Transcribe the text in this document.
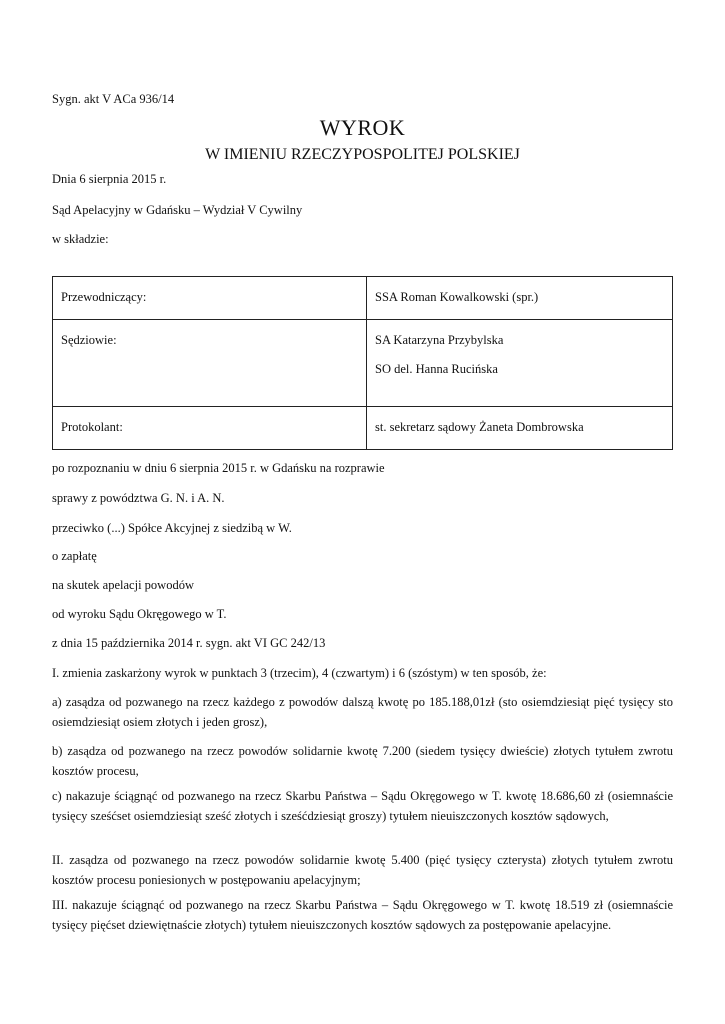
Sygn. akt V ACa 936/14

WYROK

W IMIENIU RZECZYPOSPOLITEJ POLSKIEJ

Dnia 6 sierpnia 2015 r.

Sąd Apelacyjny w Gdańsku – Wydział V Cywilny

w składzie:

Przewodniczący:	SSA Roman Kowalkowski (spr.)

Sędziowie:	SA Katarzyna Przybylska
SO del. Hanna Rucińska

Protokolant:	st. sekretarz sądowy Żaneta Dombrowska

po rozpoznaniu w dniu 6 sierpnia 2015 r. w Gdańsku na rozprawie

sprawy z powództwa G. N. i A. N.

przeciwko (...) Spółce Akcyjnej z siedzibą w W.

o zapłatę

na skutek apelacji powodów

od wyroku Sądu Okręgowego w T.

z dnia 15 października 2014 r. sygn. akt VI GC 242/13

I. zmienia zaskarżony wyrok w punktach 3 (trzecim), 4 (czwartym) i 6 (szóstym) w ten sposób, że:

a) zasądza od pozwanego na rzecz każdego z powodów dalszą kwotę po 185.188,01zł (sto osiemdziesiąt pięć tysięcy sto osiemdziesiąt osiem złotych i jeden grosz),

b) zasądza od pozwanego na rzecz powodów solidarnie kwotę 7.200 (siedem tysięcy dwieście) złotych tytułem zwrotu kosztów procesu,

c) nakazuje ściągnąć od pozwanego na rzecz Skarbu Państwa – Sądu Okręgowego w T. kwotę 18.686,60 zł (osiemnaście tysięcy sześćset osiemdziesiąt sześć złotych i sześćdziesiąt groszy) tytułem nieuiszczonych kosztów sądowych,

II. zasądza od pozwanego na rzecz powodów solidarnie kwotę 5.400 (pięć tysięcy czterysta) złotych tytułem zwrotu kosztów procesu poniesionych w postępowaniu apelacyjnym;

III. nakazuje ściągnąć od pozwanego na rzecz Skarbu Państwa – Sądu Okręgowego w T. kwotę 18.519 zł (osiemnaście tysięcy pięćset dziewiętnaście złotych) tytułem nieuiszczonych kosztów sądowych za postępowanie apelacyjne.
